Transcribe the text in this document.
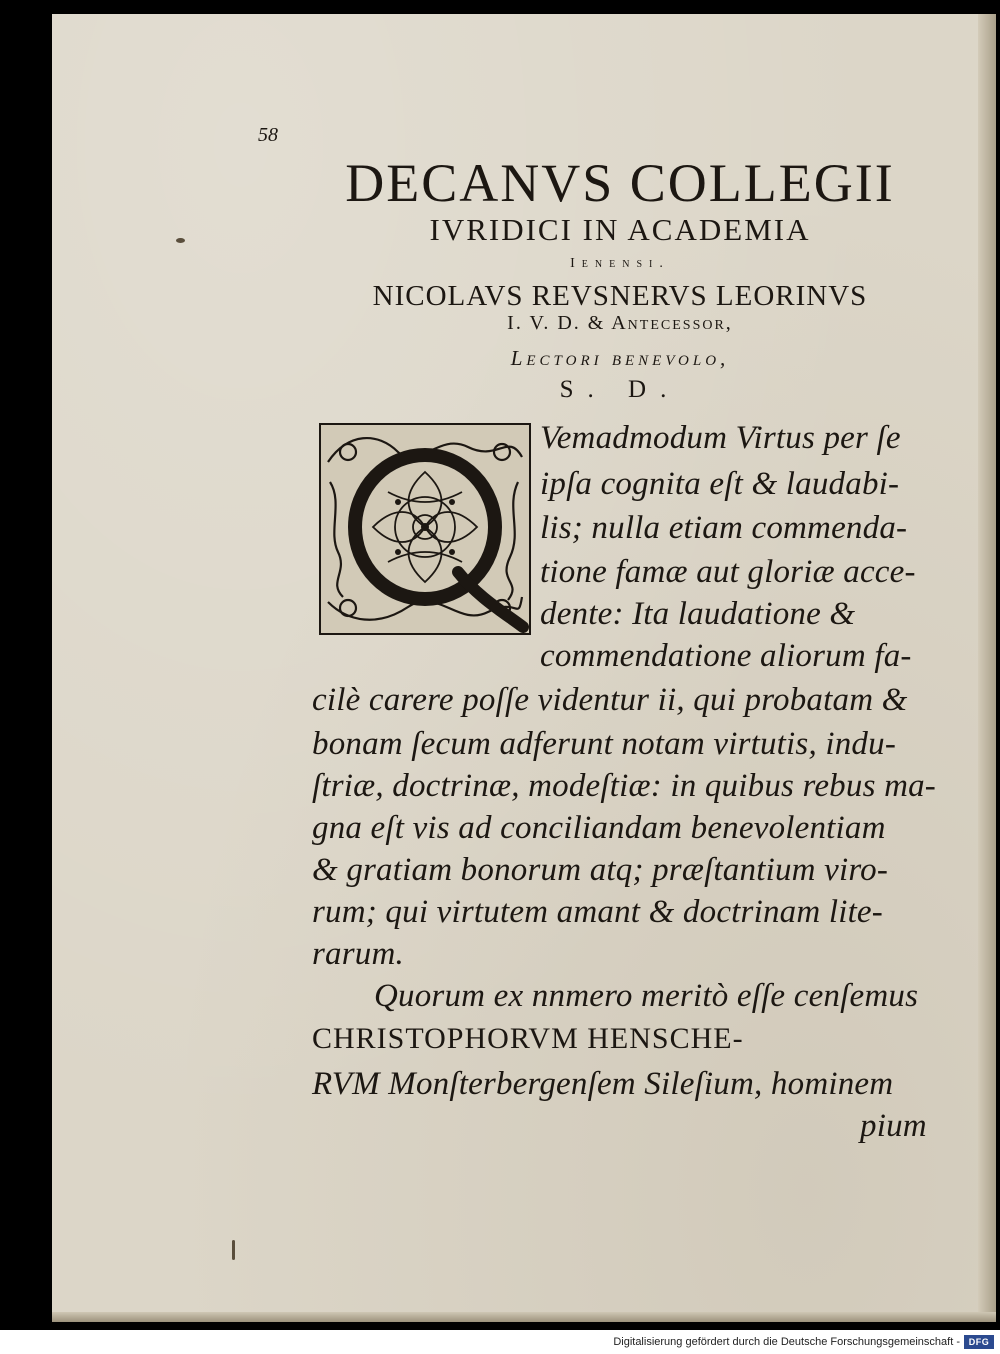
58
DECANVS COLLEGII
IVRIDICI IN ACADEMIA
Ienensi.
NICOLAVS REVSNERVS LEORINVS
I. V. D. & Antecessor,
Lectori benevolo,
S. D.
Vemadmodum Virtus per ſe
ipſa cognita eſt & laudabi-
lis; nulla etiam commenda-
tione famæ aut gloriæ acce-
dente: Ita laudatione &
commendatione aliorum fa-
cilè carere poſſe videntur ii, qui probatam &
bonam ſecum adferunt notam virtutis, indu-
ſtriæ, doctrinæ, modeſtiæ: in quibus rebus ma-
gna eſt vis ad conciliandam benevolentiam
& gratiam bonorum atq; præſtantium viro-
rum; qui virtutem amant & doctrinam lite-
rarum.
Quorum ex nnmero meritò eſſe cenſemus
CHRISTOPHORVM HENSCHE-
RVM Monſterbergenſem Sileſium, hominem
pium
Digitalisierung gefördert durch die Deutsche Forschungsgemeinschaft - DFG
